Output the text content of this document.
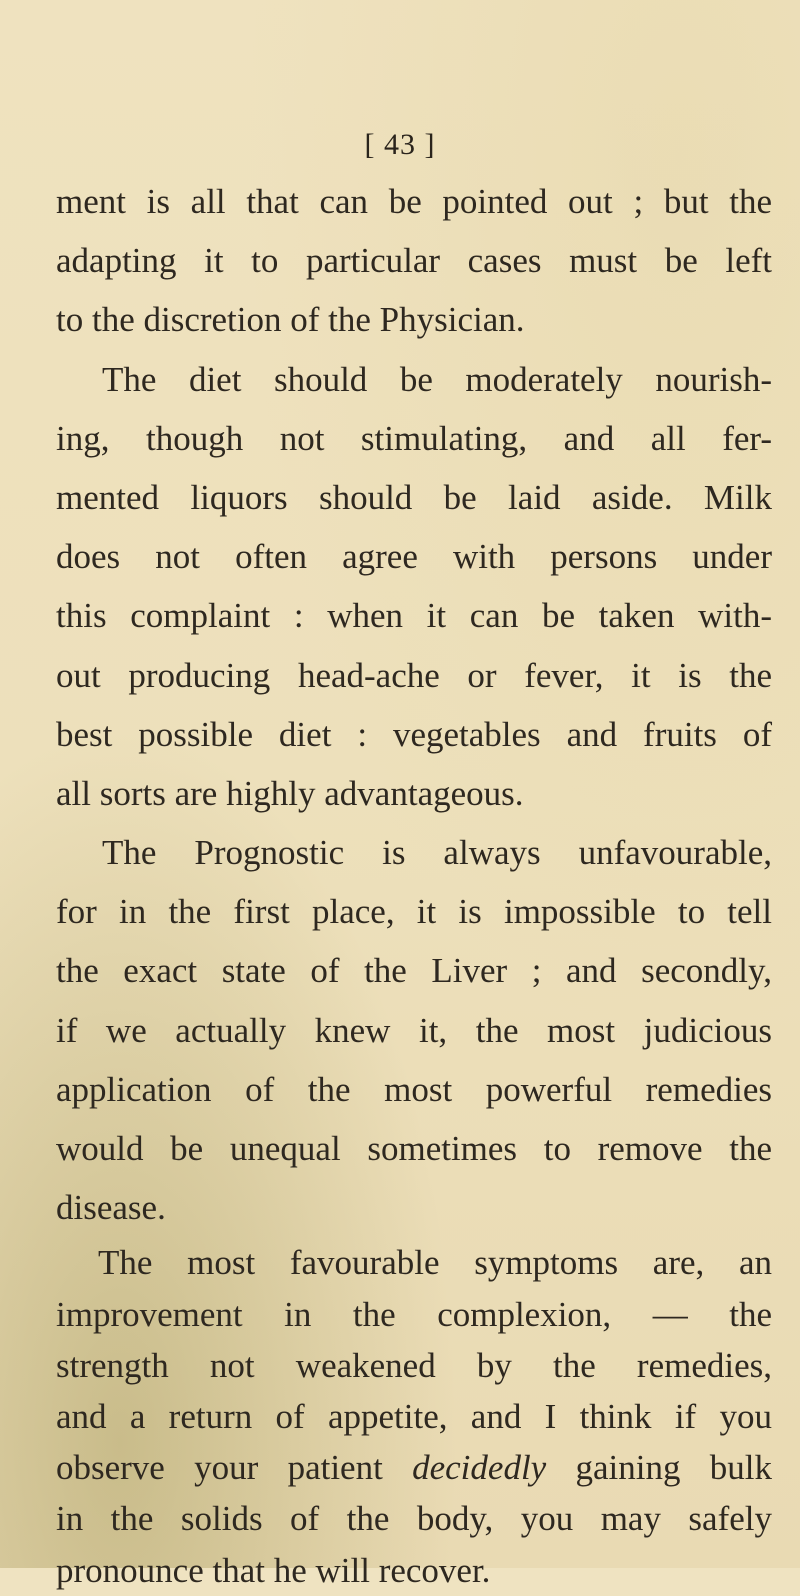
[ 43 ]
ment is all that can be pointed out ; but the
adapting it to particular cases must be left
to the discretion of the Physician.
The diet should be moderately nourish-
ing, though not stimulating, and all fer-
mented liquors should be laid aside. Milk
does not often agree with persons under
this complaint : when it can be taken with-
out producing head-ache or fever, it is the
best possible diet : vegetables and fruits of
all sorts are highly advantageous.
The Prognostic is always unfavourable,
for in the first place, it is impossible to tell
the exact state of the Liver ; and secondly,
if we actually knew it, the most judicious
application of the most powerful remedies
would be unequal sometimes to remove the
disease.
The most favourable symptoms are, an
improvement in the complexion, — the
strength not weakened by the remedies,
and a return of appetite, and I think if you
observe your patient decidedly gaining bulk
in the solids of the body, you may safely
pronounce that he will recover.
